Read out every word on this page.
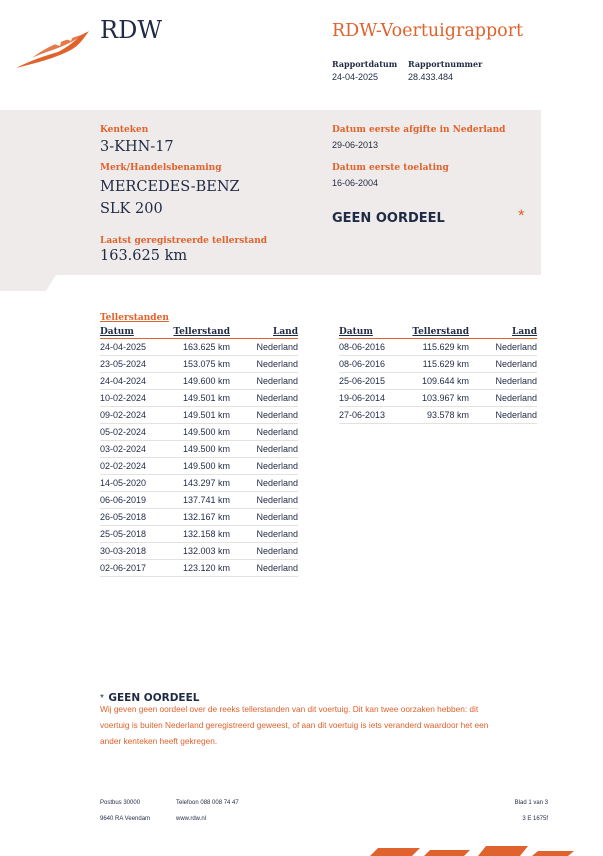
RDW	RDW-Voertuigrapport
Rapportdatum
24-04-2025
Rapportnummer
28.433.484
Kenteken
3-KHN-17
Merk/Handelsbenaming
MERCEDES-BENZ
SLK 200
Laatst geregistreerde tellerstand
163.625 km
Datum eerste afgifte in Nederland
29-06-2013
Datum eerste toelating
16-06-2004
GEEN OORDEEL	*
Tellerstanden
Datum	Tellerstand	Land
24-04-2025	163.625 km	Nederland
23-05-2024	153.075 km	Nederland
24-04-2024	149.600 km	Nederland
10-02-2024	149.501 km	Nederland
09-02-2024	149.501 km	Nederland
05-02-2024	149.500 km	Nederland
03-02-2024	149.500 km	Nederland
02-02-2024	149.500 km	Nederland
14-05-2020	143.297 km	Nederland
06-06-2019	137.741 km	Nederland
26-05-2018	132.167 km	Nederland
25-05-2018	132.158 km	Nederland
30-03-2018	132.003 km	Nederland
02-06-2017	123.120 km	Nederland
Datum	Tellerstand	Land
08-06-2016	115.629 km	Nederland
08-06-2016	115.629 km	Nederland
25-06-2015	109.644 km	Nederland
19-06-2014	103.967 km	Nederland
27-06-2013	93.578 km	Nederland
* GEEN OORDEEL
Wij geven geen oordeel over de reeks tellerstanden van dit voertuig. Dit kan twee oorzaken hebben: dit
voertuig is buiten Nederland geregistreerd geweest, of aan dit voertuig is iets veranderd waardoor het een
ander kenteken heeft gekregen.
Postbus 30000	Telefoon 088 008 74 47	Blad 1 van 3
9640 RA Veendam	www.rdw.nl	3 E 1675f
